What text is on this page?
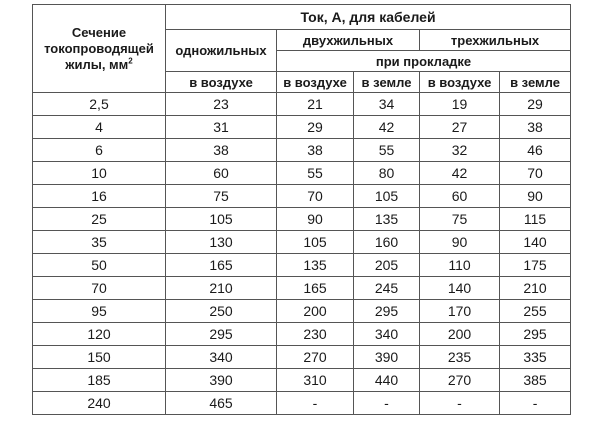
Сечение
токопроводящей
жилы, $мм^2$	Ток, А, для кабелей				
	одножильных	двухжильных		трехжильных	
		при прокладке			
	в воздухе	в воздухе	в земле	в воздухе	в земле
2,5	23	21	34	19	29
4	31	29	42	27	38
6	38	38	55	32	46
10	60	55	80	42	70
16	75	70	105	60	90
25	105	90	135	75	115
35	130	105	160	90	140
50	165	135	205	110	175
70	210	165	245	140	210
95	250	200	295	170	255
120	295	230	340	200	295
150	340	270	390	235	335
185	390	310	440	270	385
240	465	-	-	-	-
